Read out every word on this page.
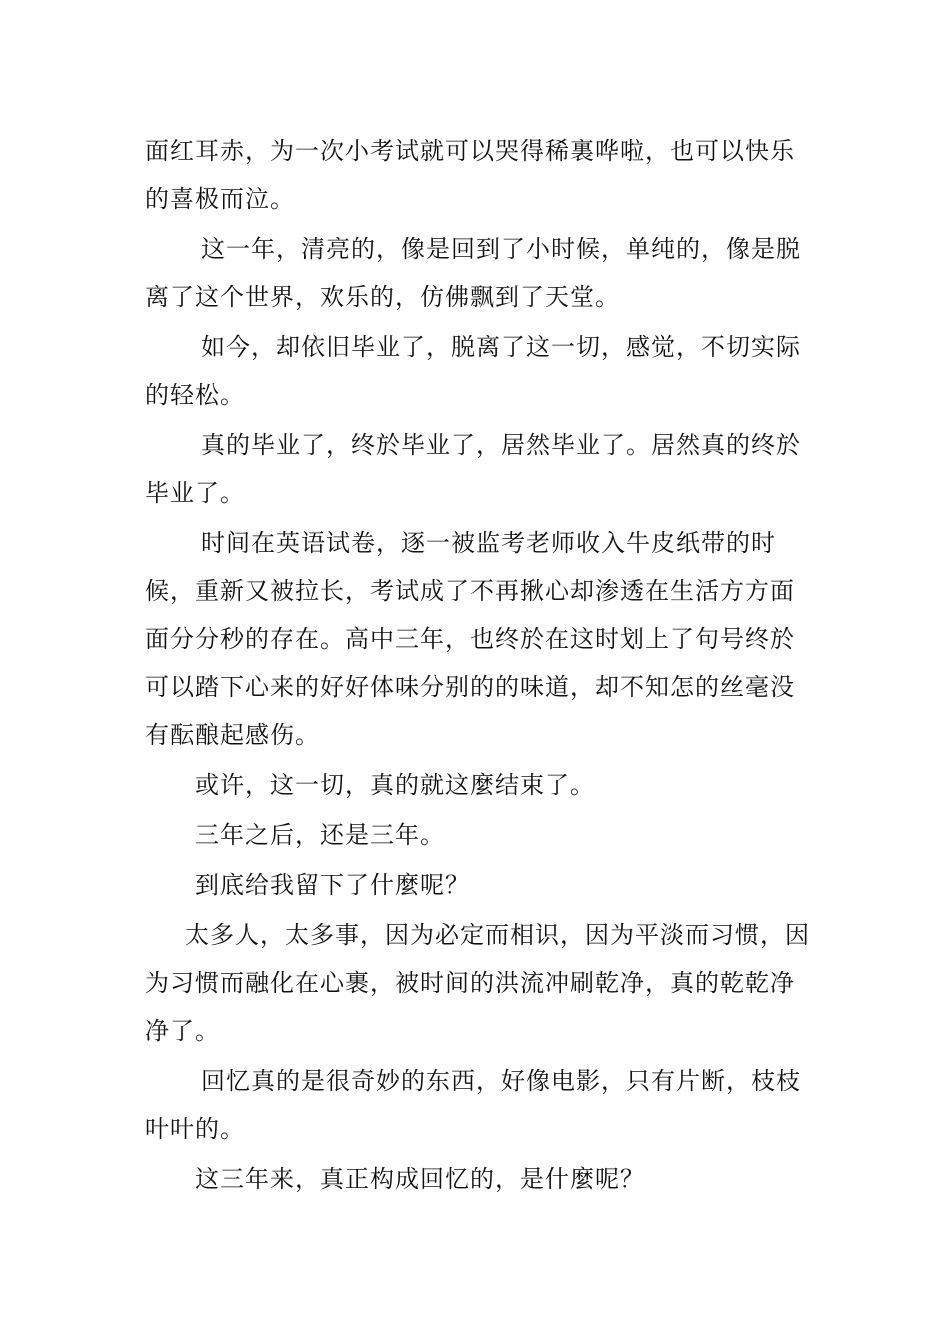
面红耳赤，为一次小考试就可以哭得稀裏哗啦，也可以快乐的喜极而泣。

这一年，清亮的，像是回到了小时候，单纯的，像是脱离了这个世界，欢乐的，仿佛飘到了天堂。

如今，却依旧毕业了，脱离了这一切，感觉，不切实际的轻松。

真的毕业了，终於毕业了，居然毕业了。居然真的终於毕业了。

时间在英语试卷，逐一被监考老师收入牛皮纸带的时候，重新又被拉长，考试成了不再揪心却渗透在生活方方面面分分秒的存在。高中三年，也终於在这时划上了句号终於可以踏下心来的好好体味分别的的味道，却不知怎的丝毫没有酝酿起感伤。

或许，这一切，真的就这麼结束了。

三年之后，还是三年。

到底给我留下了什麼呢？

太多人，太多事，因为必定而相识，因为平淡而习惯，因为习惯而融化在心裹，被时间的洪流冲刷乾净，真的乾乾净净了。

回忆真的是很奇妙的东西，好像电影，只有片断，枝枝叶叶的。

这三年来，真正构成回忆的，是什麼呢？
